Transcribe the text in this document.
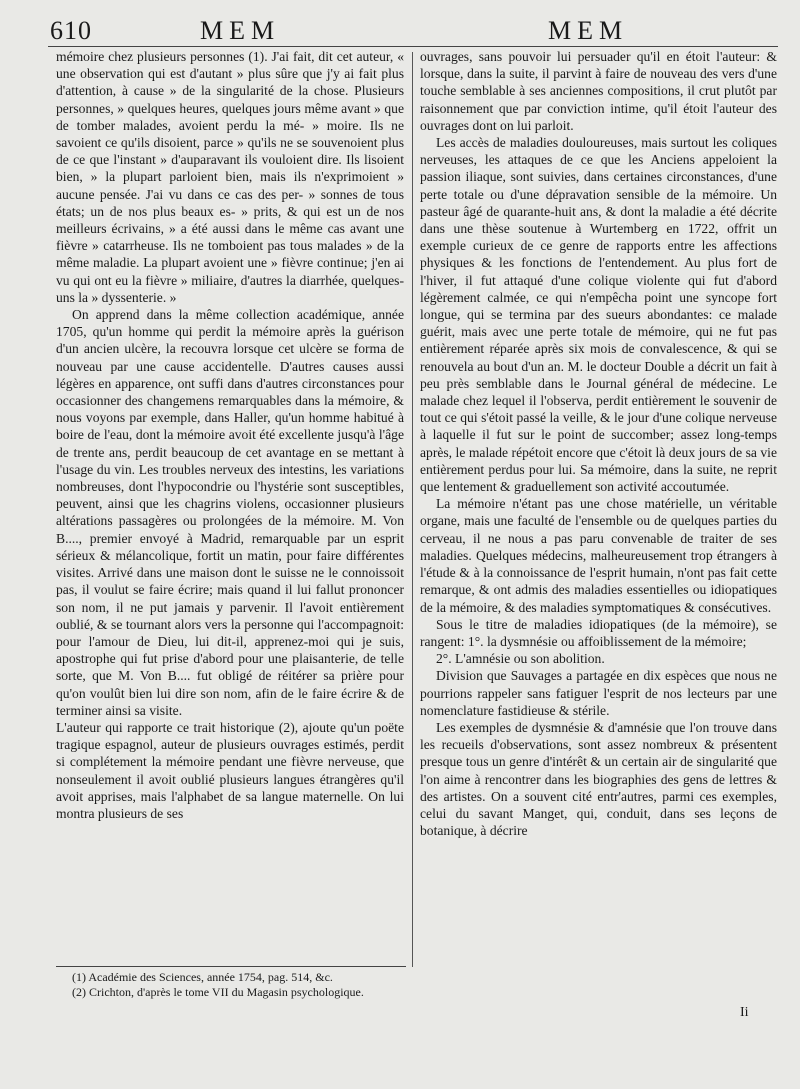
610	MEM	MEM

mémoire chez plusieurs personnes (1). J'ai fait, dit cet auteur, « une observation qui est d'autant » plus sûre que j'y ai fait plus d'attention, à cause » de la singularité de la chose. Plusieurs personnes, » quelques heures, quelques jours même avant » que de tomber malades, avoient perdu la mé- » moire. Ils ne savoient ce qu'ils disoient, parce » qu'ils ne se souvenoient plus de ce que l'instant » d'auparavant ils vouloient dire. Ils lisoient bien, » la plupart parloient bien, mais ils n'exprimoient » aucune pensée. J'ai vu dans ce cas des per- » sonnes de tous états; un de nos plus beaux es- » prits, & qui est un de nos meilleurs écrivains, » a été aussi dans le même cas avant une fièvre » catarrheuse. Ils ne tomboient pas tous malades » de la même maladie. La plupart avoient une » fièvre continue; j'en ai vu qui ont eu la fièvre » miliaire, d'autres la diarrhée, quelques-uns la » dyssenterie. »

On apprend dans la même collection académique, année 1705, qu'un homme qui perdit la mémoire après la guérison d'un ancien ulcère, la recouvra lorsque cet ulcère se forma de nouveau par une cause accidentelle. D'autres causes aussi légères en apparence, ont suffi dans d'autres circonstances pour occasionner des changemens remarquables dans la mémoire, & nous voyons par exemple, dans Haller, qu'un homme habitué à boire de l'eau, dont la mémoire avoit été excellente jusqu'à l'âge de trente ans, perdit beaucoup de cet avantage en se mettant à l'usage du vin. Les troubles nerveux des intestins, les variations nombreuses, dont l'hypocondrie ou l'hystérie sont susceptibles, peuvent, ainsi que les chagrins violens, occasionner plusieurs altérations passagères ou prolongées de la mémoire. M. Von B...., premier envoyé à Madrid, remarquable par un esprit sérieux & mélancolique, fortit un matin, pour faire différentes visites. Arrivé dans une maison dont le suisse ne le connoissoit pas, il voulut se faire écrire; mais quand il lui fallut prononcer son nom, il ne put jamais y parvenir. Il l'avoit entièrement oublié, & se tournant alors vers la personne qui l'accompagnoit: pour l'amour de Dieu, lui dit-il, apprenez-moi qui je suis, apostrophe qui fut prise d'abord pour une plaisanterie, de telle sorte, que M. Von B.... fut obligé de réitérer sa prière pour qu'on voulût bien lui dire son nom, afin de le faire écrire & de terminer ainsi sa visite.

L'auteur qui rapporte ce trait historique (2), ajoute qu'un poëte tragique espagnol, auteur de plusieurs ouvrages estimés, perdit si complétement la mémoire pendant une fièvre nerveuse, que nonseulement il avoit oublié plusieurs langues étrangères qu'il avoit apprises, mais l'alphabet de sa langue maternelle. On lui montra plusieurs de ses

ouvrages, sans pouvoir lui persuader qu'il en étoit l'auteur: & lorsque, dans la suite, il parvint à faire de nouveau des vers d'une touche semblable à ses anciennes compositions, il crut plutôt par raisonnement que par conviction intime, qu'il étoit l'auteur des ouvrages dont on lui parloit.

Les accès de maladies douloureuses, mais surtout les coliques nerveuses, les attaques de ce que les Anciens appeloient la passion iliaque, sont suivies, dans certaines circonstances, d'une perte totale ou d'une dépravation sensible de la mémoire. Un pasteur âgé de quarante-huit ans, & dont la maladie a été décrite dans une thèse soutenue à Wurtemberg en 1722, offrit un exemple curieux de ce genre de rapports entre les affections physiques & les fonctions de l'entendement. Au plus fort de l'hiver, il fut attaqué d'une colique violente qui fut d'abord légèrement calmée, ce qui n'empêcha point une syncope fort longue, qui se termina par des sueurs abondantes: ce malade guérit, mais avec une perte totale de mémoire, qui ne fut pas entièrement réparée après six mois de convalescence, & qui se renouvela au bout d'un an. M. le docteur Double a décrit un fait à peu près semblable dans le Journal général de médecine. Le malade chez lequel il l'observa, perdit entièrement le souvenir de tout ce qui s'étoit passé la veille, & le jour d'une colique nerveuse à laquelle il fut sur le point de succomber; assez long-temps après, le malade répétoit encore que c'étoit là deux jours de sa vie entièrement perdus pour lui. Sa mémoire, dans la suite, ne reprit que lentement & graduellement son activité accoutumée.

La mémoire n'étant pas une chose matérielle, un véritable organe, mais une faculté de l'ensemble ou de quelques parties du cerveau, il ne nous a pas paru convenable de traiter de ses maladies. Quelques médecins, malheureusement trop étrangers à l'étude & à la connoissance de l'esprit humain, n'ont pas fait cette remarque, & ont admis des maladies essentielles ou idiopatiques de la mémoire, & des maladies symptomatiques & consécutives.

Sous le titre de maladies idiopatiques (de la mémoire), se rangent: 1°. la dysmnésie ou affoiblissement de la mémoire;

2°. L'amnésie ou son abolition.

Division que Sauvages a partagée en dix espèces que nous ne pourrions rappeler sans fatiguer l'esprit de nos lecteurs par une nomenclature fastidieuse & stérile.

Les exemples de dysmnésie & d'amnésie que l'on trouve dans les recueils d'observations, sont assez nombreux & présentent presque tous un genre d'intérêt & un certain air de singularité que l'on aime à rencontrer dans les biographies des gens de lettres & des artistes. On a souvent cité entr'autres, parmi ces exemples, celui du savant Manget, qui, conduit, dans ses leçons de botanique, à décrire

(1) Académie des Sciences, année 1754, pag. 514, &c.

(2) Crichton, d'après le tome VII du Magasin psychologique.

Ii
